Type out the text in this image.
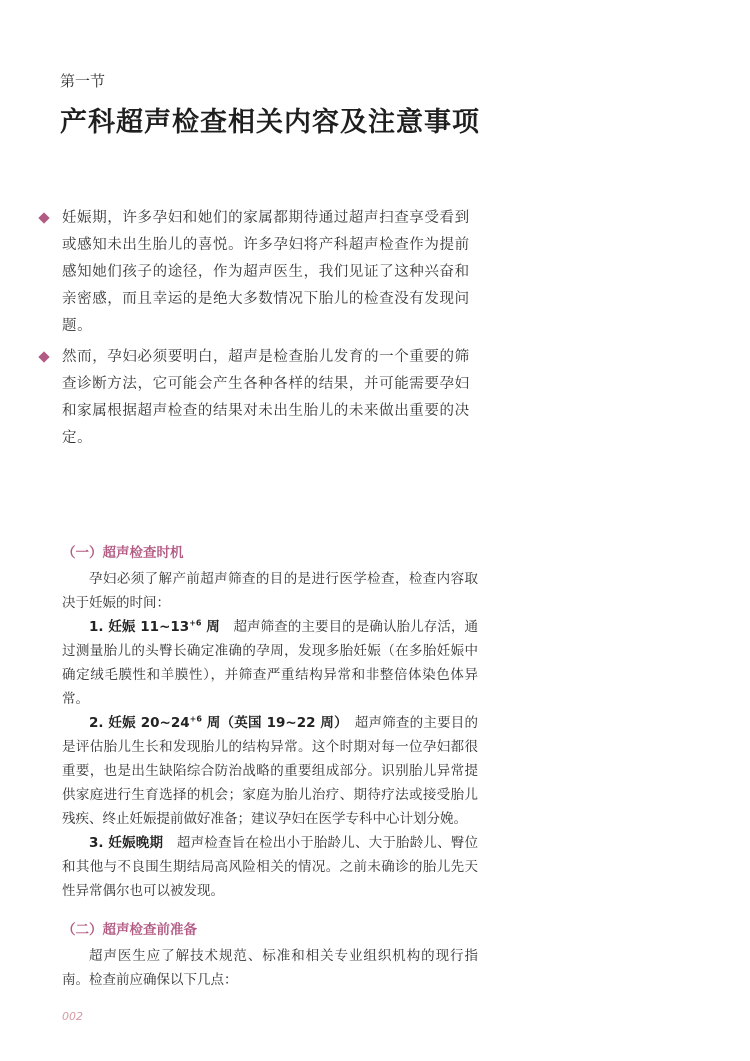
第一节
产科超声检查相关内容及注意事项
妊娠期，许多孕妇和她们的家属都期待通过超声扫查享受看到或感知未出生胎儿的喜悦。许多孕妇将产科超声检查作为提前感知她们孩子的途径，作为超声医生，我们见证了这种兴奋和亲密感，而且幸运的是绝大多数情况下胎儿的检查没有发现问题。
然而，孕妇必须要明白，超声是检查胎儿发育的一个重要的筛查诊断方法，它可能会产生各种各样的结果，并可能需要孕妇和家属根据超声检查的结果对未出生胎儿的未来做出重要的决定。
（一）超声检查时机

孕妇必须了解产前超声筛查的目的是进行医学检查，检查内容取决于妊娠的时间：

1. 妊娠 $11\sim 13^{+6}$ 周　 超声筛查的主要目的是确认胎儿存活，通过测量胎儿的头臀长确定准确的孕周，发现多胎妊娠（在多胎妊娠中确定绒毛膜性和羊膜性），并筛查严重结构异常和非整倍体染色体异常。

2. 妊娠 $20\sim 24^{+6}$ 周（英国 19~22 周）　 超声筛查的主要目的是评估胎儿生长和发现胎儿的结构异常。这个时期对每一位孕妇都很重要，也是出生缺陷综合防治战略的重要组成部分。识别胎儿异常提供家庭进行生育选择的机会；家庭为胎儿治疗、期待疗法或接受胎儿残疾、终止妊娠提前做好准备；建议孕妇在医学专科中心计划分娩。

3. 妊娠晚期　 超声检查旨在检出小于胎龄儿、大于胎龄儿、臀位和其他与不良围生期结局高风险相关的情况。之前未确诊的胎儿先天性异常偶尔也可以被发现。

（二）超声检查前准备

超声医生应了解技术规范、标准和相关专业组织机构的现行指南。检查前应确保以下几点：

002
